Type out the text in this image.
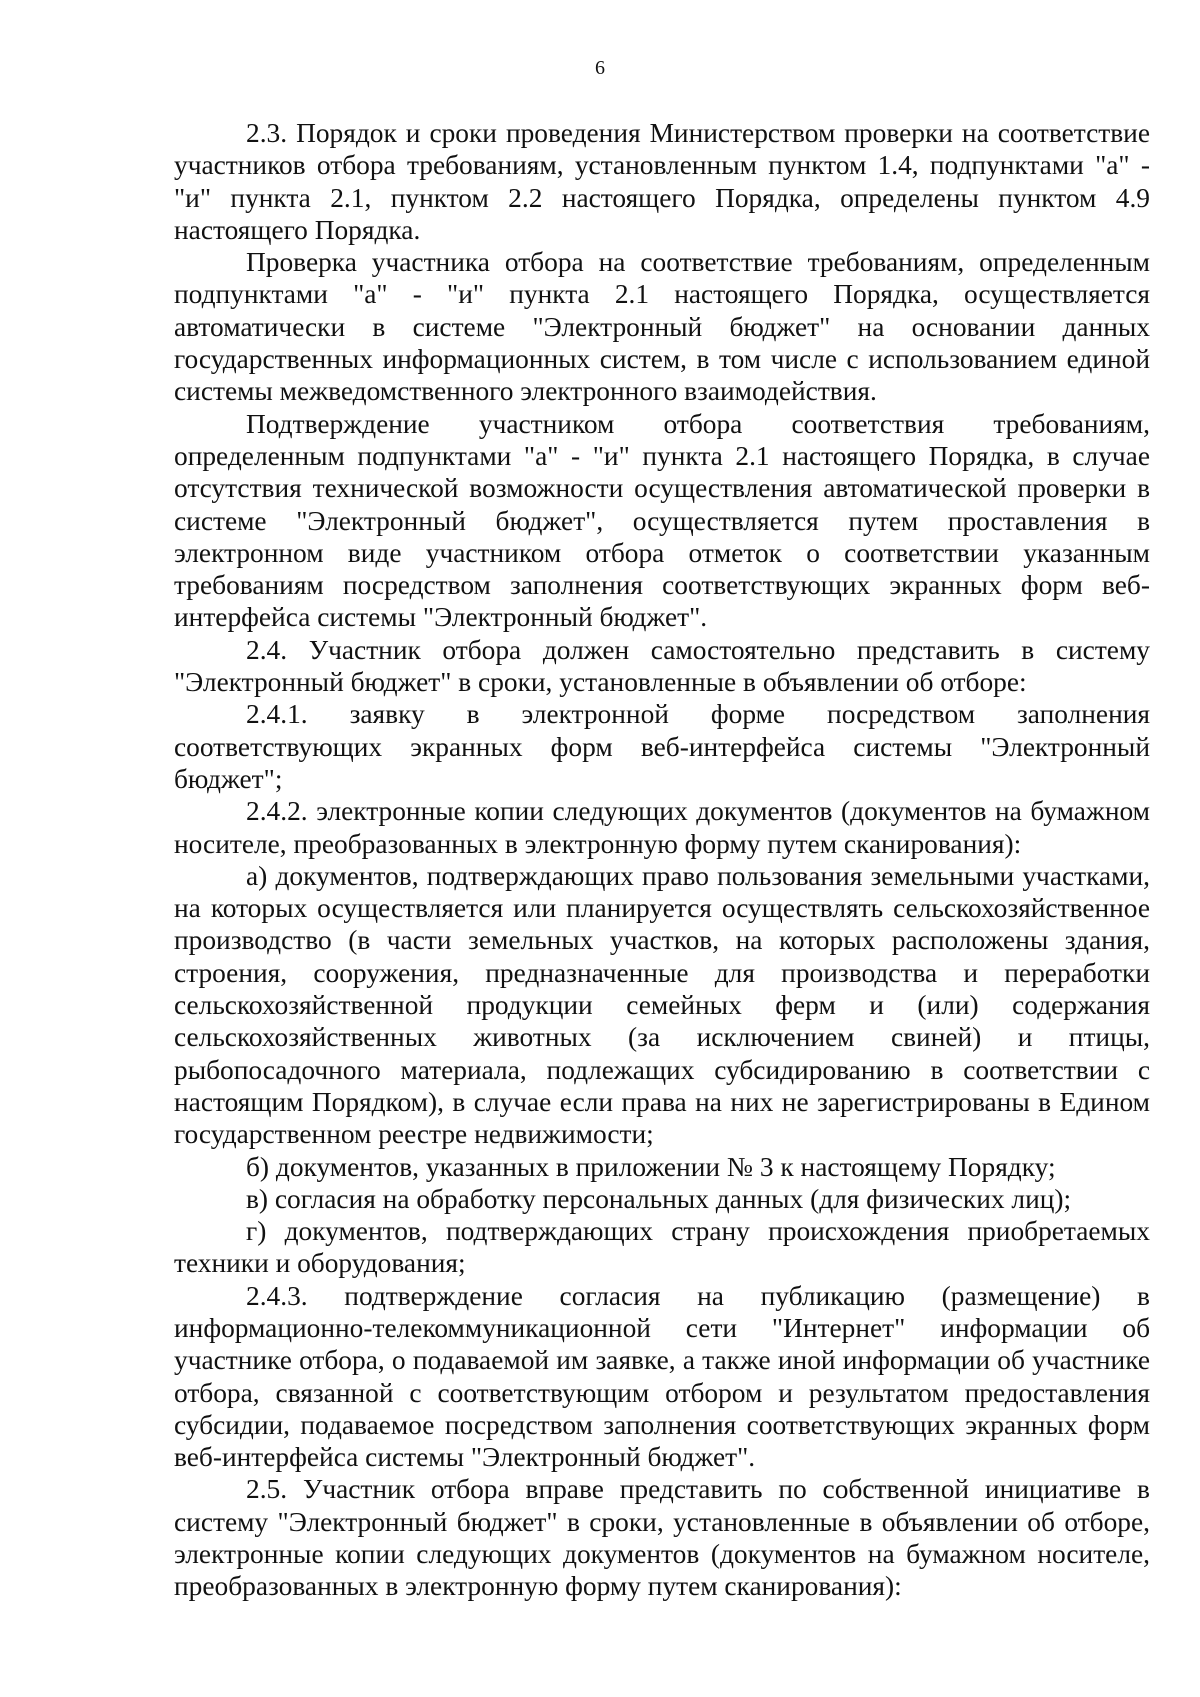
6

2.3. Порядок и сроки проведения Министерством проверки на соответствие участников отбора требованиям, установленным пунктом 1.4, подпунктами "а" - "и" пункта 2.1, пунктом 2.2 настоящего Порядка, определены пунктом 4.9 настоящего Порядка.

Проверка участника отбора на соответствие требованиям, определенным подпунктами "а" - "и" пункта 2.1 настоящего Порядка, осуществляется автоматически в системе "Электронный бюджет" на основании данных государственных информационных систем, в том числе с использованием единой системы межведомственного электронного взаимодействия.

Подтверждение участником отбора соответствия требованиям, определенным подпунктами "а" - "и" пункта 2.1 настоящего Порядка, в случае отсутствия технической возможности осуществления автоматической проверки в системе "Электронный бюджет", осуществляется путем проставления в электронном виде участником отбора отметок о соответствии указанным требованиям посредством заполнения соответствующих экранных форм веб-интерфейса системы "Электронный бюджет".

2.4. Участник отбора должен самостоятельно представить в систему "Электронный бюджет" в сроки, установленные в объявлении об отборе:

2.4.1. заявку в электронной форме посредством заполнения соответствующих экранных форм веб-интерфейса системы "Электронный бюджет";

2.4.2. электронные копии следующих документов (документов на бумажном носителе, преобразованных в электронную форму путем сканирования):

а) документов, подтверждающих право пользования земельными участками, на которых осуществляется или планируется осуществлять сельскохозяйственное производство (в части земельных участков, на которых расположены здания, строения, сооружения, предназначенные для производства и переработки сельскохозяйственной продукции семейных ферм и (или) содержания сельскохозяйственных животных (за исключением свиней) и птицы, рыбопосадочного материала, подлежащих субсидированию в соответствии с настоящим Порядком), в случае если права на них не зарегистрированы в Едином государственном реестре недвижимости;

б) документов, указанных в приложении № 3 к настоящему Порядку;

в) согласия на обработку персональных данных (для физических лиц);

г) документов, подтверждающих страну происхождения приобретаемых техники и оборудования;

2.4.3. подтверждение согласия на публикацию (размещение) в информационно-телекоммуникационной сети "Интернет" информации об участнике отбора, о подаваемой им заявке, а также иной информации об участнике отбора, связанной с соответствующим отбором и результатом предоставления субсидии, подаваемое посредством заполнения соответствующих экранных форм веб-интерфейса системы "Электронный бюджет".

2.5. Участник отбора вправе представить по собственной инициативе в систему "Электронный бюджет" в сроки, установленные в объявлении об отборе, электронные копии следующих документов (документов на бумажном носителе, преобразованных в электронную форму путем сканирования):
